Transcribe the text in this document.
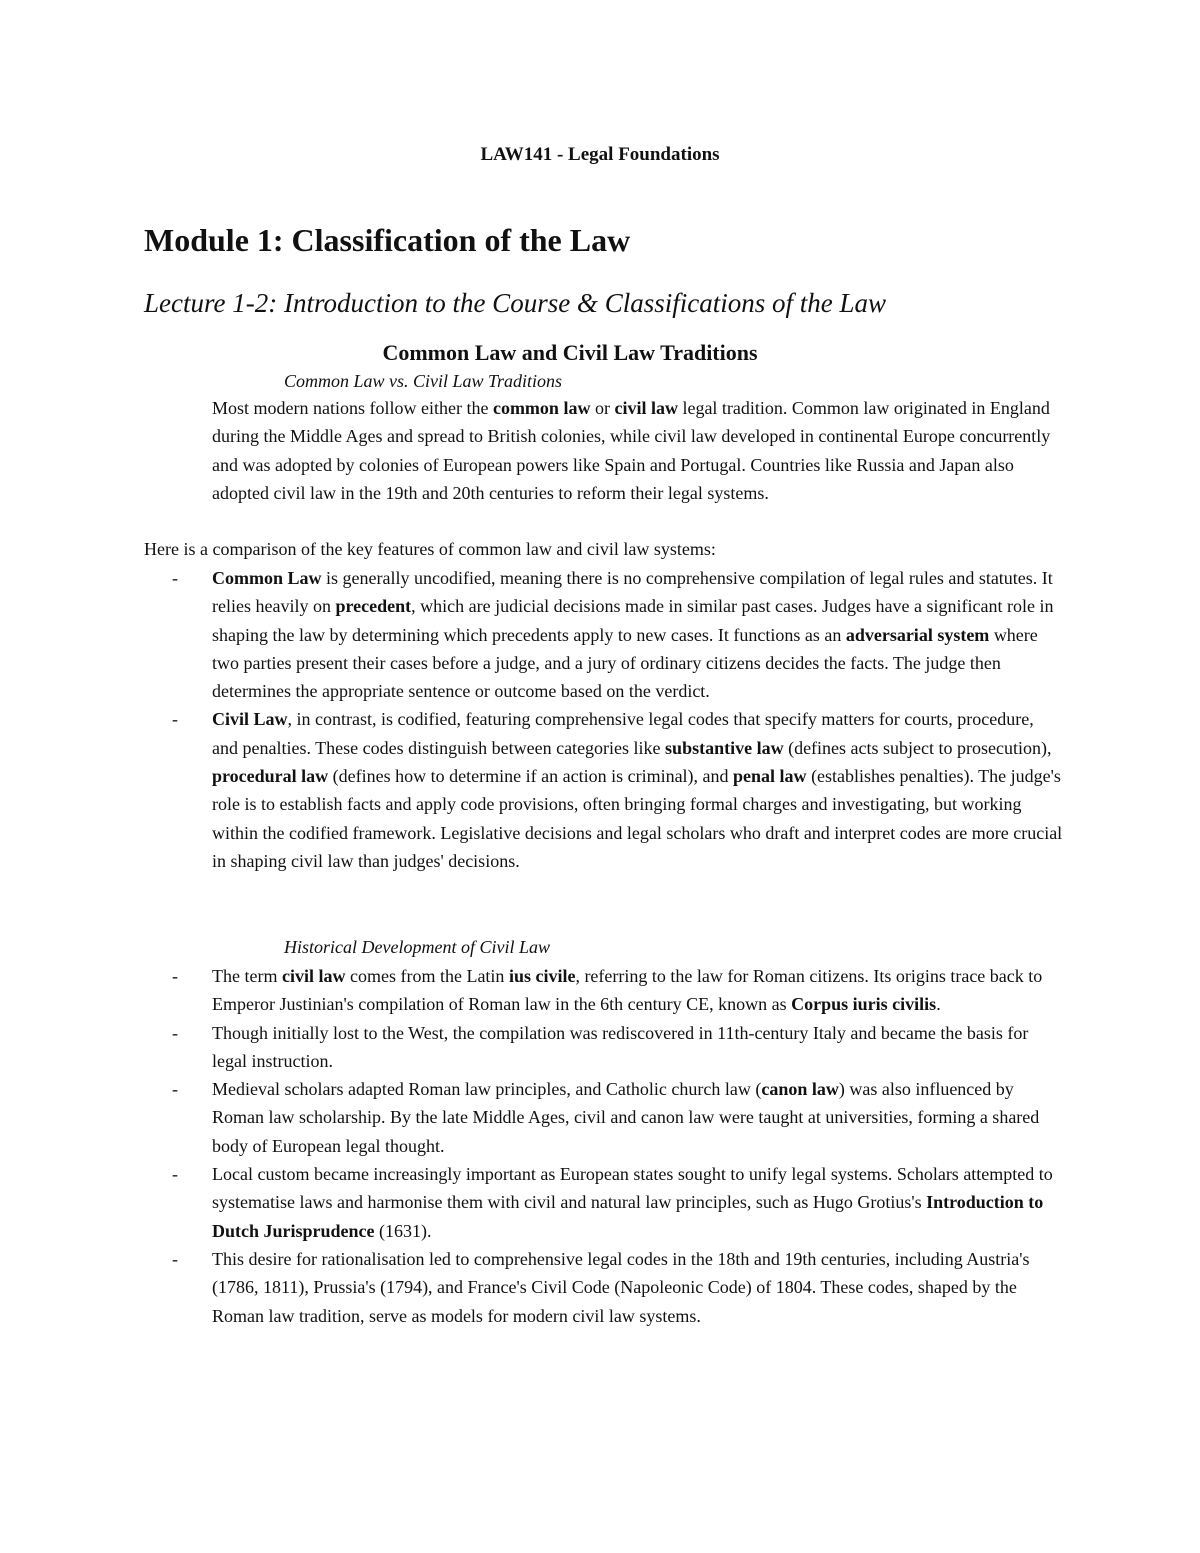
LAW141 - Legal Foundations
Module 1: Classification of the Law
Lecture 1-2: Introduction to the Course & Classifications of the Law
Common Law and Civil Law Traditions
Common Law vs. Civil Law Traditions
Most modern nations follow either the common law or civil law legal tradition. Common law originated in England during the Middle Ages and spread to British colonies, while civil law developed in continental Europe concurrently and was adopted by colonies of European powers like Spain and Portugal. Countries like Russia and Japan also adopted civil law in the 19th and 20th centuries to reform their legal systems.
Here is a comparison of the key features of common law and civil law systems:
- Common Law is generally uncodified, meaning there is no comprehensive compilation of legal rules and statutes. It relies heavily on precedent, which are judicial decisions made in similar past cases. Judges have a significant role in shaping the law by determining which precedents apply to new cases. It functions as an adversarial system where two parties present their cases before a judge, and a jury of ordinary citizens decides the facts. The judge then determines the appropriate sentence or outcome based on the verdict.
- Civil Law, in contrast, is codified, featuring comprehensive legal codes that specify matters for courts, procedure, and penalties. These codes distinguish between categories like substantive law (defines acts subject to prosecution), procedural law (defines how to determine if an action is criminal), and penal law (establishes penalties). The judge's role is to establish facts and apply code provisions, often bringing formal charges and investigating, but working within the codified framework. Legislative decisions and legal scholars who draft and interpret codes are more crucial in shaping civil law than judges' decisions.
Historical Development of Civil Law
- The term civil law comes from the Latin ius civile, referring to the law for Roman citizens. Its origins trace back to Emperor Justinian's compilation of Roman law in the 6th century CE, known as Corpus iuris civilis.
- Though initially lost to the West, the compilation was rediscovered in 11th-century Italy and became the basis for legal instruction.
- Medieval scholars adapted Roman law principles, and Catholic church law (canon law) was also influenced by Roman law scholarship. By the late Middle Ages, civil and canon law were taught at universities, forming a shared body of European legal thought.
- Local custom became increasingly important as European states sought to unify legal systems. Scholars attempted to systematise laws and harmonise them with civil and natural law principles, such as Hugo Grotius's Introduction to Dutch Jurisprudence (1631).
- This desire for rationalisation led to comprehensive legal codes in the 18th and 19th centuries, including Austria's (1786, 1811), Prussia's (1794), and France's Civil Code (Napoleonic Code) of 1804. These codes, shaped by the Roman law tradition, serve as models for modern civil law systems.
